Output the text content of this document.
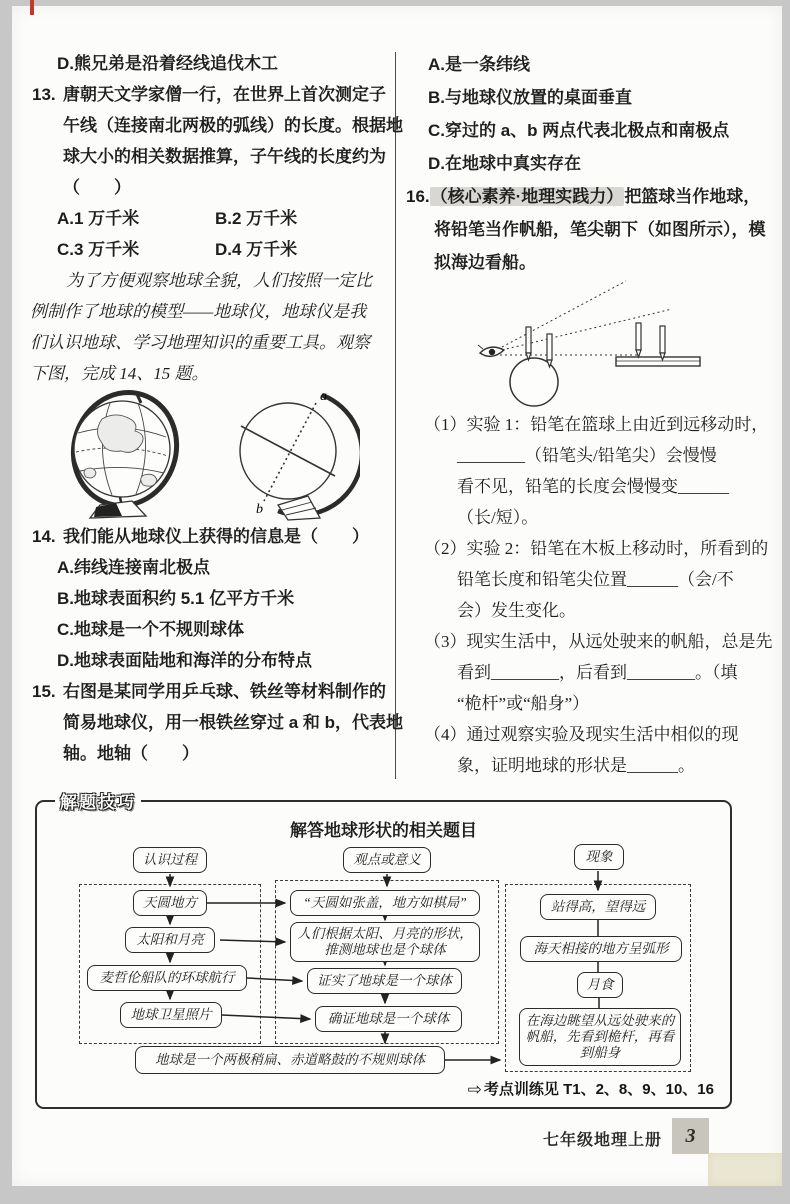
D.熊兄弟是沿着经线追伐木工
13. 唐朝天文学家僧一行，在世界上首次测定子
午线（连接南北两极的弧线）的长度。根据地
球大小的相关数据推算，子午线的长度约为
（　　）
A.1 万千米	B.2 万千米
C.3 万千米	D.4 万千米
为了方便观察地球全貌，人们按照一定比
例制作了地球的模型——地球仪，地球仪是我
们认识地球、学习地理知识的重要工具。观察
下图，完成 14、15 题。
a
b
14. 我们能从地球仪上获得的信息是（　　）
A.纬线连接南北极点
B.地球表面积约 5.1 亿平方千米
C.地球是一个不规则球体
D.地球表面陆地和海洋的分布特点
15. 右图是某同学用乒乓球、铁丝等材料制作的
简易地球仪，用一根铁丝穿过 a 和 b，代表地
轴。地轴（　　）
A.是一条纬线
B.与地球仪放置的桌面垂直
C.穿过的 a、b 两点代表北极点和南极点
D.在地球中真实存在
16.（核心素养·地理实践力）把篮球当作地球，
将铅笔当作帆船，笔尖朝下（如图所示），模
拟海边看船。
（1）实验 1：铅笔在篮球上由近到远移动时，
________（铅笔头/铅笔尖）会慢慢
看不见，铅笔的长度会慢慢变______
（长/短）。
（2）实验 2：铅笔在木板上移动时，所看到的
铅笔长度和铅笔尖位置______（会/不
会）发生变化。
（3）现实生活中，从远处驶来的帆船，总是先
看到________，后看到________。（填
“桅杆”或“船身”）
（4）通过观察实验及现实生活中相似的现
象，证明地球的形状是______。
解题技巧
解答地球形状的相关题目
认识过程	观点或意义	现象
天圆地方
太阳和月亮
麦哲伦船队的环球航行
地球卫星照片
“天圆如张盖，地方如棋局”
人们根据太阳、月亮的形状，推测地球也是个球体
证实了地球是一个球体
确证地球是一个球体
站得高，望得远
海天相接的地方呈弧形
月食
在海边眺望从远处驶来的帆船，先看到桅杆，再看到船身
地球是一个两极稍扁、赤道略鼓的不规则球体
⇨ 考点训练见 T1、2、8、9、10、16
七年级地理上册	3
